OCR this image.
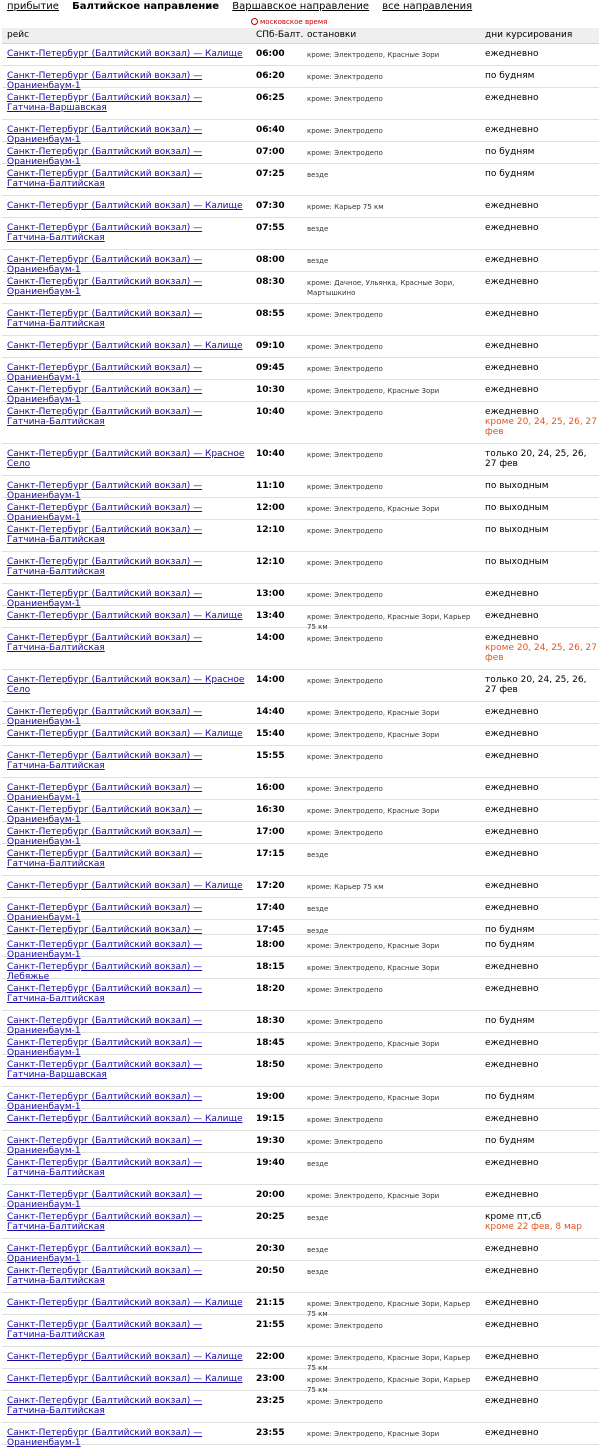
прибытие Балтийское направление Варшавское направление все направления
московское время
рейс	СПб-Балт. остановки	дни курсирования
Санкт-Петербург (Балтийский вокзал) — Калище	06:00	кроме: Электродепо, Красные Зори	ежедневно

Санкт-Петербург (Балтийский вокзал) — Ораниенбаум-1
06:20	кроме: Электродепо	по будням

Санкт-Петербург (Балтийский вокзал) — Гатчина-Варшавская
06:25	кроме: Электродепо	ежедневно

Санкт-Петербург (Балтийский вокзал) — Ораниенбаум-1
06:40	кроме: Электродепо	ежедневно

Санкт-Петербург (Балтийский вокзал) — Ораниенбаум-1
07:00	кроме: Электродепо	по будням

Санкт-Петербург (Балтийский вокзал) — Гатчина-Балтийская
07:25	везде	по будням

Санкт-Петербург (Балтийский вокзал) — Калище	07:30	кроме: Карьер 75 км	ежедневно

Санкт-Петербург (Балтийский вокзал) — Гатчина-Балтийская
07:55	везде	ежедневно

Санкт-Петербург (Балтийский вокзал) — Ораниенбаум-1
08:00	везде	ежедневно

Санкт-Петербург (Балтийский вокзал) — Ораниенбаум-1
08:30	кроме: Дачное, Ульянка, Красные Зори, Мартышкино
ежедневно

Санкт-Петербург (Балтийский вокзал) — Гатчина-Балтийская
08:55	кроме: Электродепо	ежедневно

Санкт-Петербург (Балтийский вокзал) — Калище	09:10	кроме: Электродепо	ежедневно

Санкт-Петербург (Балтийский вокзал) — Ораниенбаум-1
09:45	кроме: Электродепо	ежедневно

Санкт-Петербург (Балтийский вокзал) — Ораниенбаум-1
10:30	кроме: Электродепо, Красные Зори	ежедневно

Санкт-Петербург (Балтийский вокзал) — Гатчина-Балтийская
10:40	кроме: Электродепо	ежедневно
кроме 20, 24, 25, 26, 27 фев
Санкт-Петербург (Балтийский вокзал) — Красное Село
10:40	кроме: Электродепо	только 20, 24, 25, 26, 27 фев

Санкт-Петербург (Балтийский вокзал) — Ораниенбаум-1
11:10	кроме: Электродепо	по выходным

Санкт-Петербург (Балтийский вокзал) — Ораниенбаум-1
12:00	кроме: Электродепо, Красные Зори	по выходным

Санкт-Петербург (Балтийский вокзал) — Гатчина-Балтийская
12:10	кроме: Электродепо	по выходным

Санкт-Петербург (Балтийский вокзал) — Гатчина-Балтийская
12:10	кроме: Электродепо	по выходным

Санкт-Петербург (Балтийский вокзал) — Ораниенбаум-1
13:00	кроме: Электродепо	ежедневно

Санкт-Петербург (Балтийский вокзал) — Калище	13:40	кроме: Электродепо, Красные Зори, Карьер 75 км
ежедневно

Санкт-Петербург (Балтийский вокзал) — Гатчина-Балтийская
14:00	кроме: Электродепо	ежедневно
кроме 20, 24, 25, 26, 27 фев
Санкт-Петербург (Балтийский вокзал) — Красное Село
14:00	кроме: Электродепо	только 20, 24, 25, 26, 27 фев

Санкт-Петербург (Балтийский вокзал) — Ораниенбаум-1
14:40	кроме: Электродепо, Красные Зори	ежедневно

Санкт-Петербург (Балтийский вокзал) — Калище	15:40	кроме: Электродепо, Красные Зори	ежедневно

Санкт-Петербург (Балтийский вокзал) — Гатчина-Балтийская
15:55	кроме: Электродепо	ежедневно

Санкт-Петербург (Балтийский вокзал) — Ораниенбаум-1
16:00	кроме: Электродепо	ежедневно

Санкт-Петербург (Балтийский вокзал) — Ораниенбаум-1
16:30	кроме: Электродепо, Красные Зори	ежедневно

Санкт-Петербург (Балтийский вокзал) — Ораниенбаум-1
17:00	кроме: Электродепо	ежедневно

Санкт-Петербург (Балтийский вокзал) — Гатчина-Балтийская
17:15	везде	ежедневно

Санкт-Петербург (Балтийский вокзал) — Калище	17:20	кроме: Карьер 75 км	ежедневно

Санкт-Петербург (Балтийский вокзал) — Ораниенбаум-1
17:40	везде	ежедневно

Санкт-Петербург (Балтийский вокзал) —	17:45	везде	по будням

Санкт-Петербург (Балтийский вокзал) — Ораниенбаум-1
18:00	кроме: Электродепо, Красные Зори	по будням

Санкт-Петербург (Балтийский вокзал) — Лебяжье
18:15	кроме: Электродепо, Красные Зори	ежедневно

Санкт-Петербург (Балтийский вокзал) — Гатчина-Балтийская
18:20	кроме: Электродепо	ежедневно

Санкт-Петербург (Балтийский вокзал) — Ораниенбаум-1
18:30	кроме: Электродепо	по будням

Санкт-Петербург (Балтийский вокзал) — Ораниенбаум-1
18:45	кроме: Электродепо, Красные Зори	ежедневно

Санкт-Петербург (Балтийский вокзал) — Гатчина-Варшавская
18:50	кроме: Электродепо	ежедневно

Санкт-Петербург (Балтийский вокзал) — Ораниенбаум-1
19:00	кроме: Электродепо, Красные Зори	по будням

Санкт-Петербург (Балтийский вокзал) — Калище	19:15	кроме: Электродепо	ежедневно

Санкт-Петербург (Балтийский вокзал) — Ораниенбаум-1
19:30	кроме: Электродепо	по будням

Санкт-Петербург (Балтийский вокзал) — Гатчина-Балтийская
19:40	везде	ежедневно

Санкт-Петербург (Балтийский вокзал) — Ораниенбаум-1
20:00	кроме: Электродепо, Красные Зори	ежедневно

Санкт-Петербург (Балтийский вокзал) — Гатчина-Балтийская
20:25	везде	кроме пт,сб
кроме 22 фев, 8 мар
Санкт-Петербург (Балтийский вокзал) — Ораниенбаум-1
20:30	везде	ежедневно

Санкт-Петербург (Балтийский вокзал) — Гатчина-Балтийская
20:50	везде	ежедневно

Санкт-Петербург (Балтийский вокзал) — Калище	21:15	кроме: Электродепо, Красные Зори, Карьер 75 км
ежедневно

Санкт-Петербург (Балтийский вокзал) — Гатчина-Балтийская
21:55	кроме: Электродепо	ежедневно

Санкт-Петербург (Балтийский вокзал) — Калище	22:00	кроме: Электродепо, Красные Зори, Карьер 75 км
ежедневно

Санкт-Петербург (Балтийский вокзал) — Калище	23:00	кроме: Электродепо, Красные Зори, Карьер 75 км
ежедневно

Санкт-Петербург (Балтийский вокзал) — Гатчина-Балтийская
23:25	кроме: Электродепо	ежедневно

Санкт-Петербург (Балтийский вокзал) — Ораниенбаум-1
23:55	кроме: Электродепо, Красные Зори	ежедневно
